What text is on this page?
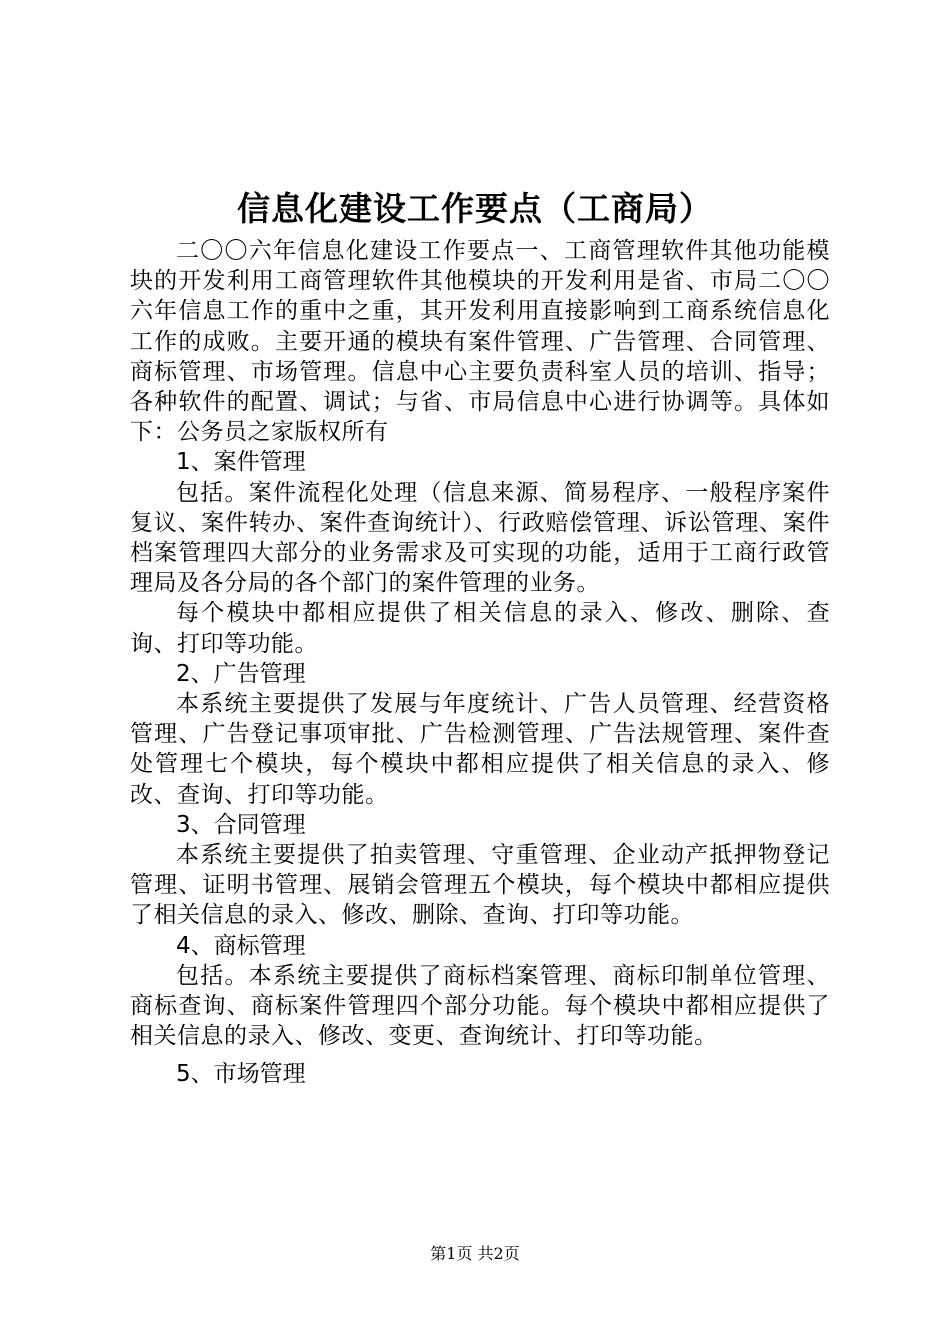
信息化建设工作要点（工商局）

二〇〇六年信息化建设工作要点一、工商管理软件其他功能模块的开发利用工商管理软件其他模块的开发利用是省、市局二〇〇六年信息工作的重中之重，其开发利用直接影响到工商系统信息化工作的成败。主要开通的模块有案件管理、广告管理、合同管理、商标管理、市场管理。信息中心主要负责科室人员的培训、指导；各种软件的配置、调试；与省、市局信息中心进行协调等。具体如下：公务员之家版权所有

1、案件管理

包括。案件流程化处理（信息来源、简易程序、一般程序案件复议、案件转办、案件查询统计）、行政赔偿管理、诉讼管理、案件档案管理四大部分的业务需求及可实现的功能，适用于工商行政管理局及各分局的各个部门的案件管理的业务。

每个模块中都相应提供了相关信息的录入、修改、删除、查询、打印等功能。

2、广告管理

本系统主要提供了发展与年度统计、广告人员管理、经营资格管理、广告登记事项审批、广告检测管理、广告法规管理、案件查处管理七个模块，每个模块中都相应提供了相关信息的录入、修改、查询、打印等功能。

3、合同管理

本系统主要提供了拍卖管理、守重管理、企业动产抵押物登记管理、证明书管理、展销会管理五个模块，每个模块中都相应提供了相关信息的录入、修改、删除、查询、打印等功能。

4、商标管理

包括。本系统主要提供了商标档案管理、商标印制单位管理、商标查询、商标案件管理四个部分功能。每个模块中都相应提供了相关信息的录入、修改、变更、查询统计、打印等功能。

5、市场管理
第1页 共2页
